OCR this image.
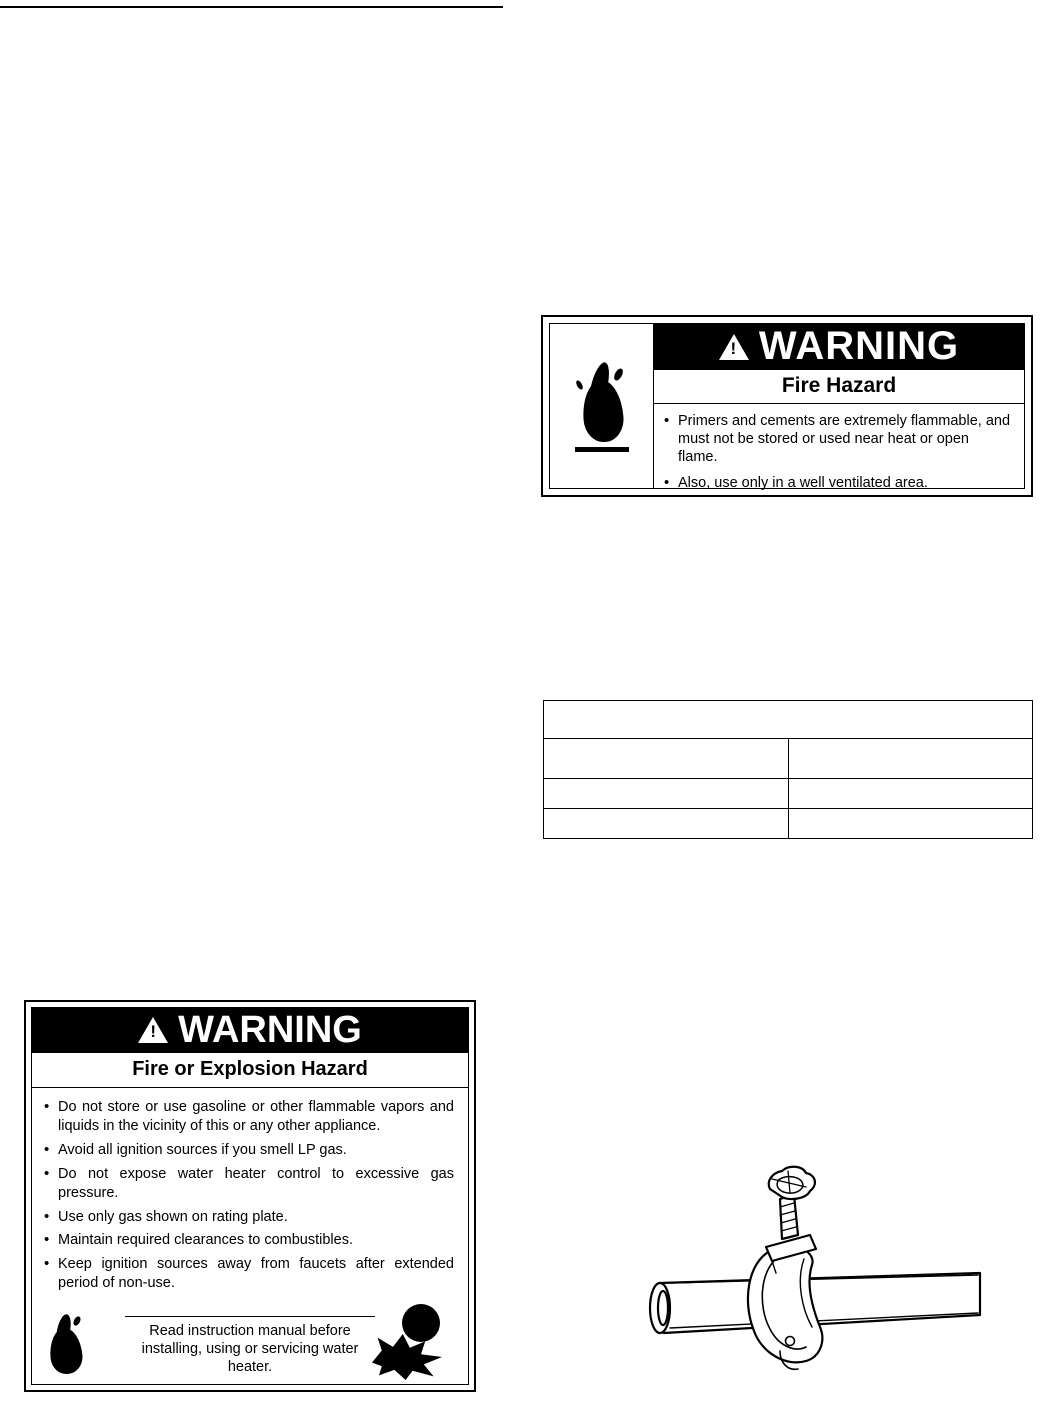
! WARNING
Fire Hazard
• Primers and cements are extremely flammable, and must not be stored or used near heat or open flame.
• Also, use only in a well ventilated area.

! WARNING
Fire or Explosion Hazard
• Do not store or use gasoline or other flammable vapors and liquids in the vicinity of this or any other appliance.
• Avoid all ignition sources if you smell LP gas.
• Do not expose water heater control to excessive gas pressure.
• Use only gas shown on rating plate.
• Maintain required clearances to combustibles.
• Keep ignition sources away from faucets after extended period of non-use.
Read instruction manual before installing, using or servicing water heater.
